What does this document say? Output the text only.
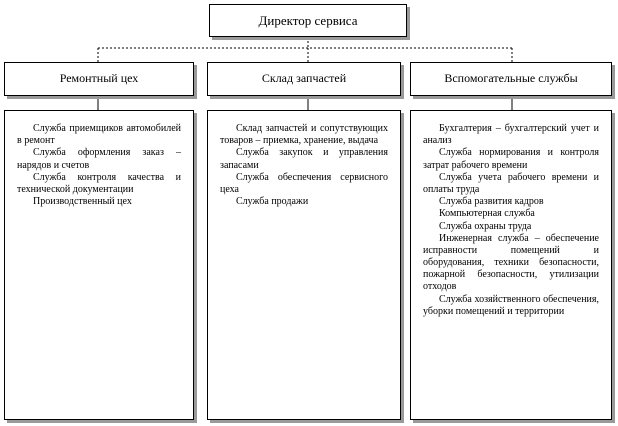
Директор сервиса
Ремонтный цех	Склад запчастей	Вспомогательные службы
Служба приемщиков автомобилей в ремонт
Служба оформления заказ – нарядов и счетов
Служба контроля качества и технической документации
Производственный цех
Склад запчастей и сопутствующих товаров – приемка, хранение, выдача
Служба закупок и управления запасами
Служба обеспечения сервисного цеха
Служба продажи
Бухгалтерия – бухгалтерский учет и анализ
Служба нормирования и контроля затрат рабочего времени
Служба учета рабочего времени и оплаты труда
Служба развития кадров
Компьютерная служба
Служба охраны труда
Инженерная служба – обеспечение исправности помещений и оборудования, техники безопасности, пожарной безопасности, утилизации отходов
Служба хозяйственного обеспечения, уборки помещений и территории
